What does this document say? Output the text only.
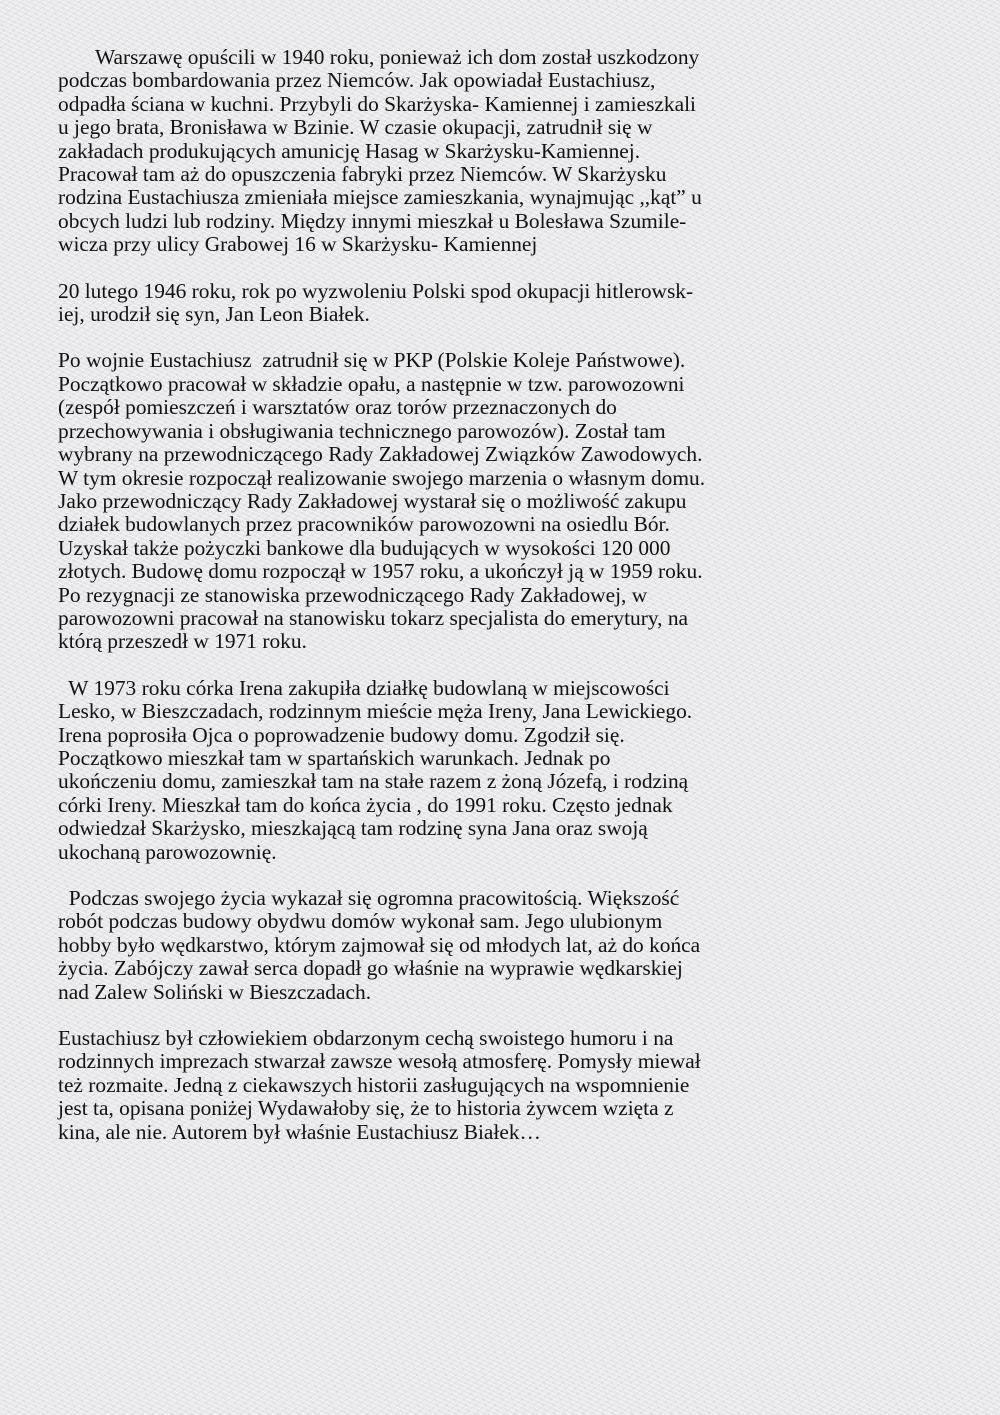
Warszawę opuścili w 1940 roku, ponieważ ich dom został uszkodzony
podczas bombardowania przez Niemców. Jak opowiadał Eustachiusz,
odpadła ściana w kuchni. Przybyli do Skarżyska- Kamiennej i zamieszkali
u jego brata, Bronisława w Bzinie. W czasie okupacji, zatrudnił się w
zakładach produkujących amunicję Hasag w Skarżysku-Kamiennej.
Pracował tam aż do opuszczenia fabryki przez Niemców. W Skarżysku
rodzina Eustachiusza zmieniała miejsce zamieszkania, wynajmując ,,kąt” u
obcych ludzi lub rodziny. Między innymi mieszkał u Bolesława Szumile-
wicza przy ulicy Grabowej 16 w Skarżysku- Kamiennej

20 lutego 1946 roku, rok po wyzwoleniu Polski spod okupacji hitlerowsk-
iej, urodził się syn, Jan Leon Białek.

Po wojnie Eustachiusz  zatrudnił się w PKP (Polskie Koleje Państwowe).
Początkowo pracował w składzie opału, a następnie w tzw. parowozowni
(zespół pomieszczeń i warsztatów oraz torów przeznaczonych do
przechowywania i obsługiwania technicznego parowozów). Został tam
wybrany na przewodniczącego Rady Zakładowej Związków Zawodowych.
W tym okresie rozpoczął realizowanie swojego marzenia o własnym domu.
Jako przewodniczący Rady Zakładowej wystarał się o możliwość zakupu
działek budowlanych przez pracowników parowozowni na osiedlu Bór.
Uzyskał także pożyczki bankowe dla budujących w wysokości 120 000
złotych. Budowę domu rozpoczął w 1957 roku, a ukończył ją w 1959 roku.
Po rezygnacji ze stanowiska przewodniczącego Rady Zakładowej, w
parowozowni pracował na stanowisku tokarz specjalista do emerytury, na
którą przeszedł w 1971 roku.

W 1973 roku córka Irena zakupiła działkę budowlaną w miejscowości
Lesko, w Bieszczadach, rodzinnym mieście męża Ireny, Jana Lewickiego.
Irena poprosiła Ojca o poprowadzenie budowy domu. Zgodził się.
Początkowo mieszkał tam w spartańskich warunkach. Jednak po
ukończeniu domu, zamieszkał tam na stałe razem z żoną Józefą, i rodziną
córki Ireny. Mieszkał tam do końca życia , do 1991 roku. Często jednak
odwiedzał Skarżysko, mieszkającą tam rodzinę syna Jana oraz swoją
ukochaną parowozownię.

Podczas swojego życia wykazał się ogromna pracowitością. Większość
robót podczas budowy obydwu domów wykonał sam. Jego ulubionym
hobby było wędkarstwo, którym zajmował się od młodych lat, aż do końca
życia. Zabójczy zawał serca dopadł go właśnie na wyprawie wędkarskiej
nad Zalew Soliński w Bieszczadach.

Eustachiusz był człowiekiem obdarzonym cechą swoistego humoru i na
rodzinnych imprezach stwarzał zawsze wesołą atmosferę. Pomysły miewał
też rozmaite. Jedną z ciekawszych historii zasługujących na wspomnienie
jest ta, opisana poniżej Wydawałoby się, że to historia żywcem wzięta z
kina, ale nie. Autorem był właśnie Eustachiusz Białek…
